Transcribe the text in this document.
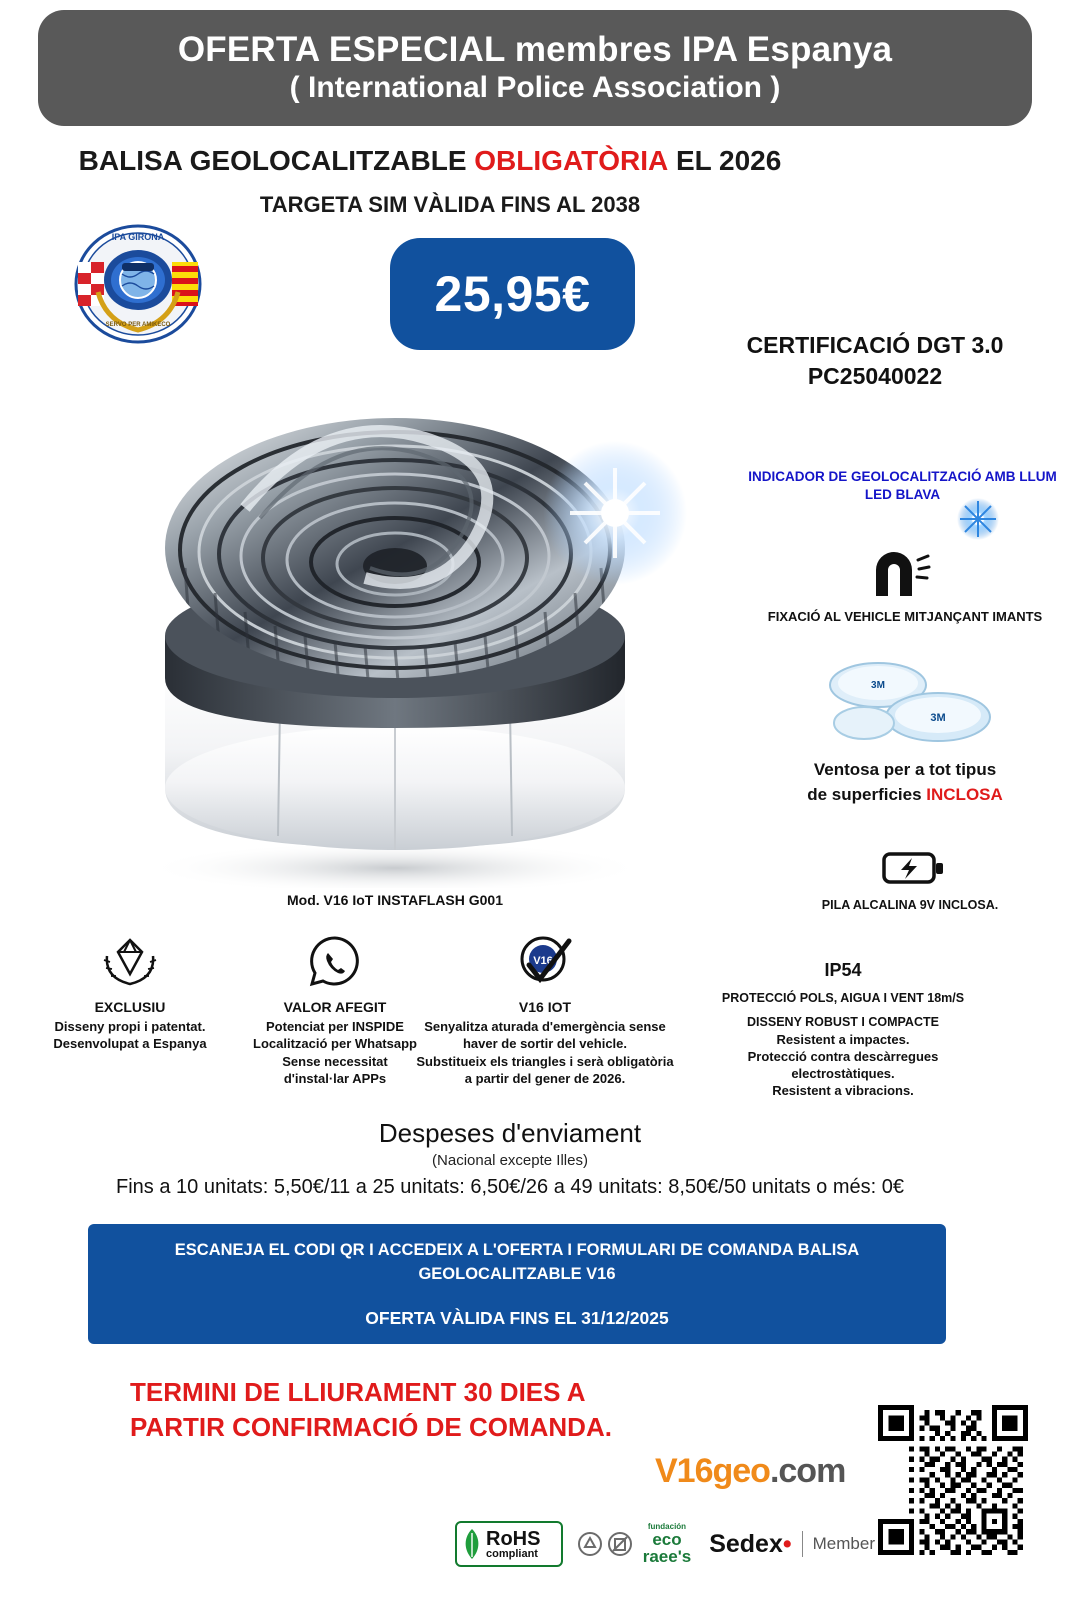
OFERTA ESPECIAL membres IPA Espanya
( International Police Association )
BALISA GEOLOCALITZABLE OBLIGATÒRIA EL 2026
TARGETA SIM VÀLIDA FINS AL 2038
IPA GIRONA
SERVO PER AMIKECO
25,95€
CERTIFICACIÓ DGT 3.0
PC25040022
Mod. V16 IoT INSTAFLASH G001
INDICADOR DE GEOLOCALITZACIÓ AMB LLUM LED BLAVA
FIXACIÓ AL VEHICLE MITJANÇANT IMANTS
3M
3M
Ventosa per a tot tipus
de superficies INCLOSA
PILA ALCALINA 9V INCLOSA.
EXCLUSIU
Disseny propi i patentat.
Desenvolupat a Espanya
VALOR AFEGIT
Potenciat per INSPIDE
Localització per Whatsapp
Sense necessitat
d'instal·lar APPs
V16
V16 IOT
Senyalitza aturada d'emergència sense
haver de sortir del vehicle.
Substitueix els triangles i serà obligatòria
a partir del gener de 2026.
IP54
PROTECCIÓ POLS, AIGUA I VENT 18m/S
DISSENY ROBUST I COMPACTE
Resistent a impactes.
Protecció contra descàrregues
electrostàtiques.
Resistent a vibracions.
Despeses d'enviament
(Nacional excepte Illes)
Fins a 10 unitats: 5,50€/11 a 25 unitats: 6,50€/26 a 49 unitats: 8,50€/50 unitats o més: 0€
ESCANEJA EL CODI QR I ACCEDEIX A L'OFERTA I FORMULARI DE COMANDA BALISA GEOLOCALITZABLE V16
OFERTA VÀLIDA FINS EL 31/12/2025
TERMINI DE LLIURAMENT 30 DIES A PARTIR CONFIRMACIÓ DE COMANDA.
V16geo.com
RoHS
compliant
fundación
eco
raee's Sedex • Member
